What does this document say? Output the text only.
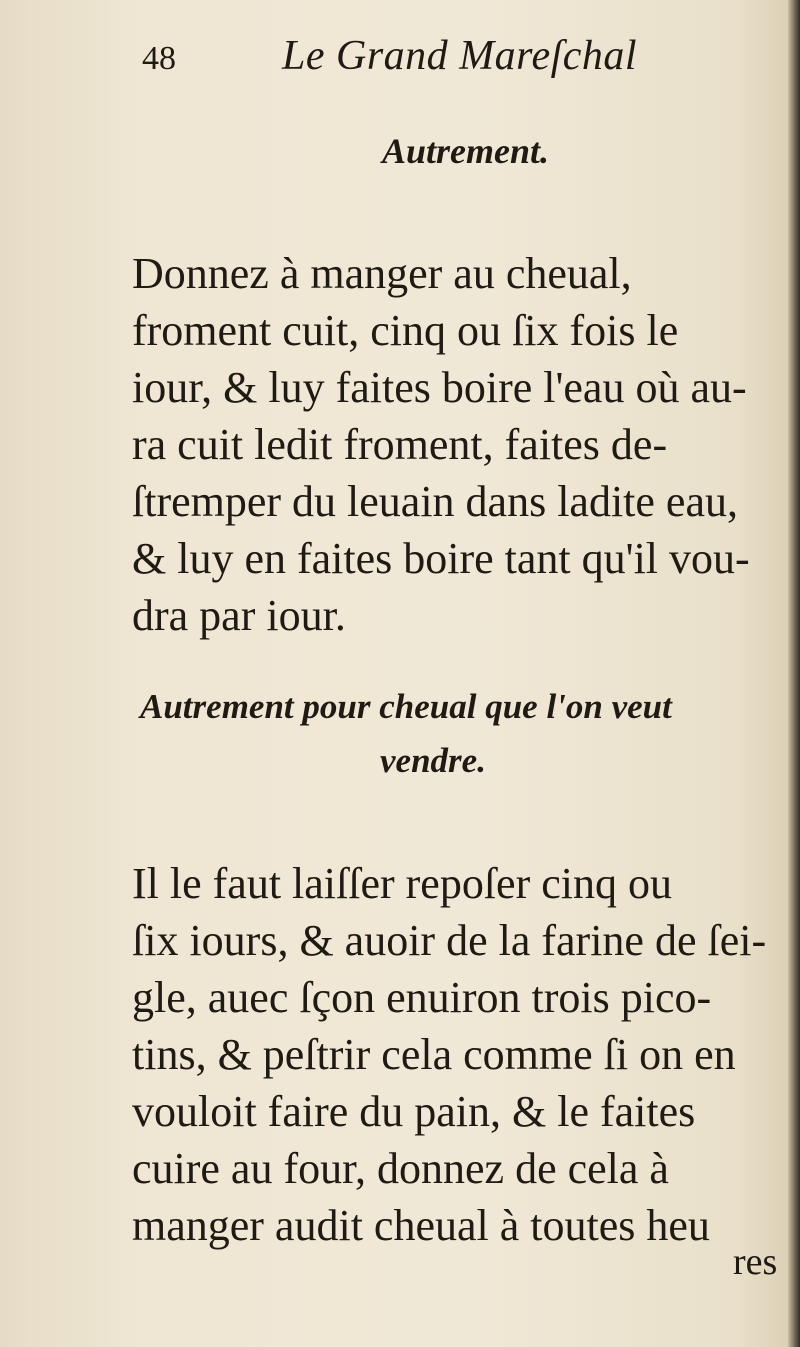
48	Le Grand Mareſchal
Autrement.
Donnez à manger au cheual,
froment cuit, cinq ou ſix fois le
iour, & luy faites boire l'eau où au-
ra cuit ledit froment, faites de-
ſtremper du leuain dans ladite eau,
& luy en faites boire tant qu'il vou-
dra par iour.
Autrement pour cheual que l'on veut
vendre.
Il le faut laiſſer repoſer cinq ou
ſix iours, & auoir de la farine de ſei-
gle, auec ſçon enuiron trois pico-
tins, & peſtrir cela comme ſi on en
vouloit faire du pain, & le faites
cuire au four, donnez de cela à
manger audit cheual à toutes heu
res
